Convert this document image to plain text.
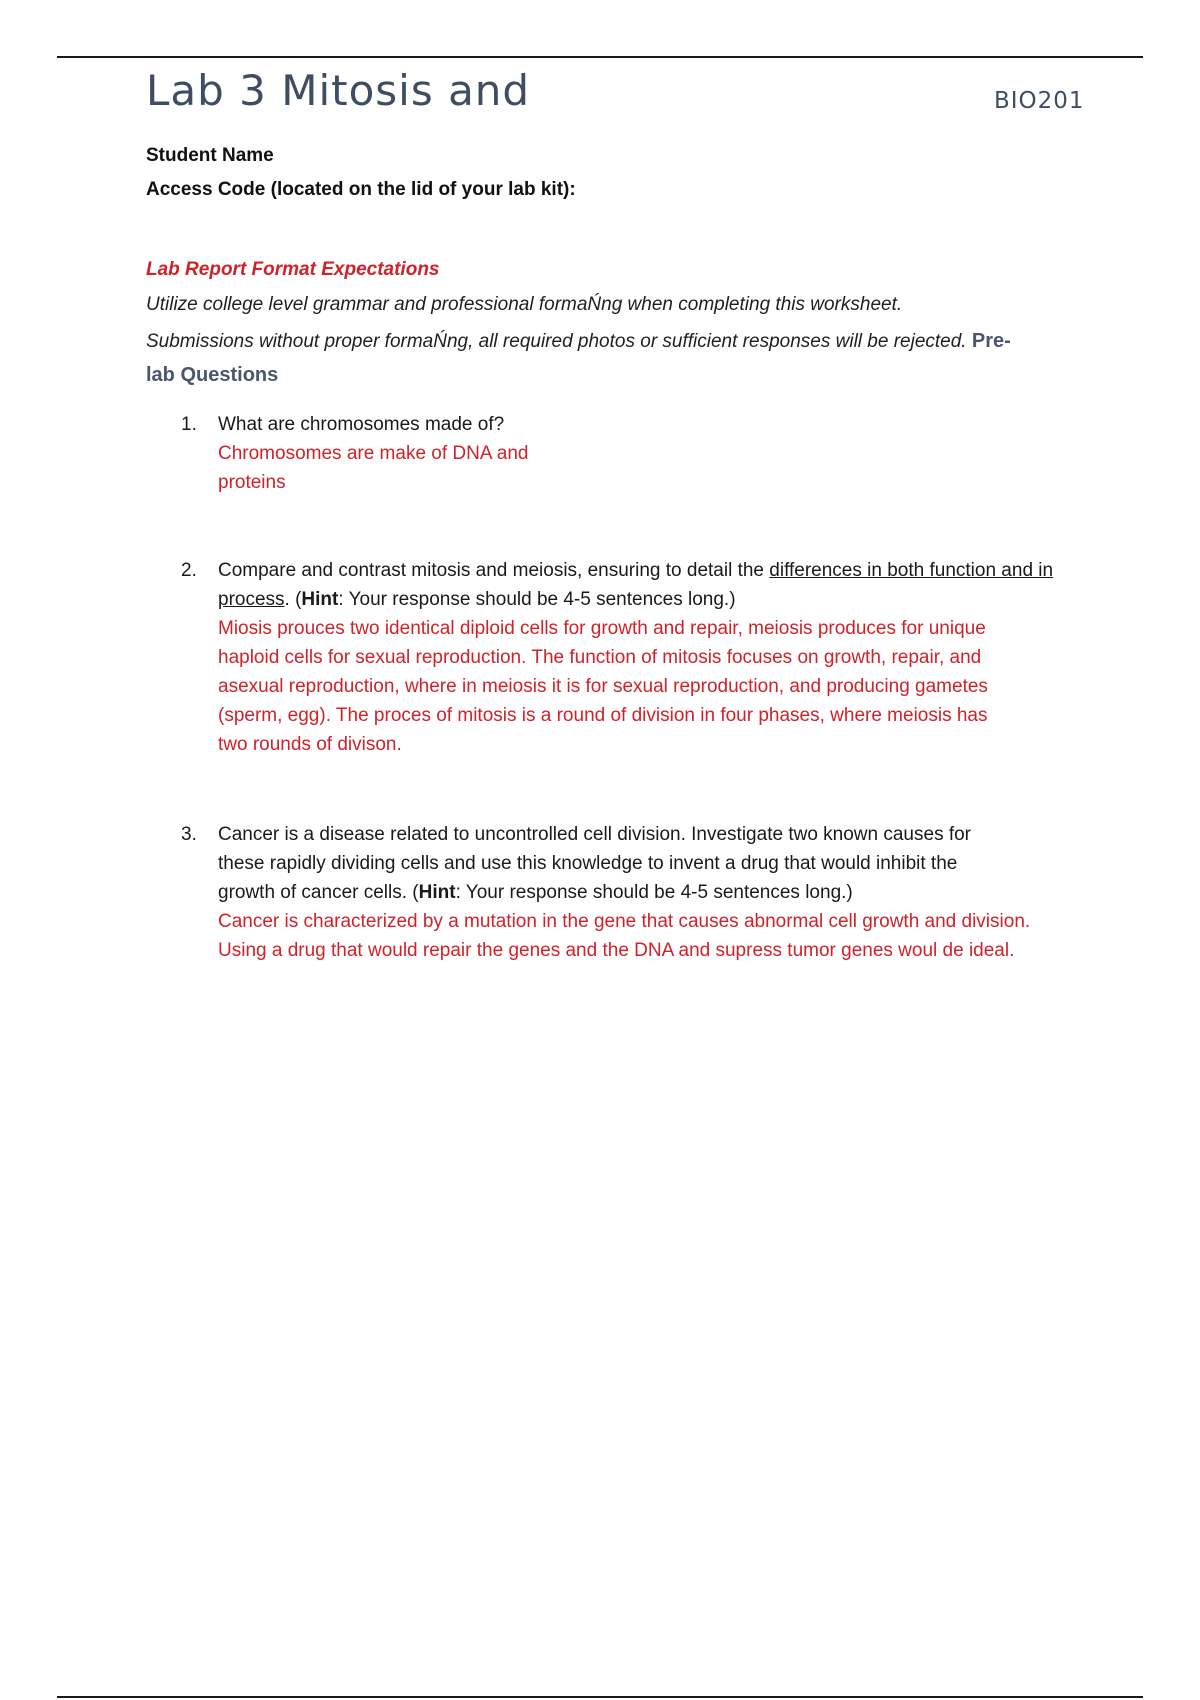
Lab 3 Mitosis and	BIO201
Student Name
Access Code (located on the lid of your lab kit):
Lab Report Format Expectations
Utilize college level grammar and professional formaŃng when completing this worksheet.
Submissions without proper formaŃng, all required photos or sufficient responses will be rejected. Pre-
lab Questions
1. What are chromosomes made of?
Chromosomes are make of DNA and
proteins
2. Compare and contrast mitosis and meiosis, ensuring to detail the differences in both function and in process. (Hint: Your response should be 4-5 sentences long.)
Miosis prouces two identical diploid cells for growth and repair, meiosis produces for unique
haploid cells for sexual reproduction. The function of mitosis focuses on growth, repair, and
asexual reproduction, where in meiosis it is for sexual reproduction, and producing gametes
(sperm, egg). The proces of mitosis is a round of division in four phases, where meiosis has
two rounds of divison.
3. Cancer is a disease related to uncontrolled cell division. Investigate two known causes for
these rapidly dividing cells and use this knowledge to invent a drug that would inhibit the
growth of cancer cells. (Hint: Your response should be 4-5 sentences long.)
Cancer is characterized by a mutation in the gene that causes abnormal cell growth and division.
Using a drug that would repair the genes and the DNA and supress tumor genes woul de ideal.
